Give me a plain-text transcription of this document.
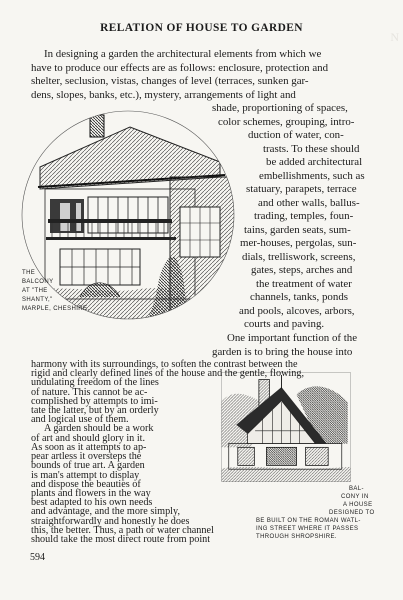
RELATION OF HOUSE TO GARDEN
N
THE
BALCONY
AT "THE
SHANTY,"
MARPLE, CHESHIRE.
BAL-
CONY IN
A HOUSE
DESIGNED TO
BE BUILT ON THE ROMAN WATL-
ING STREET WHERE IT PASSES
THROUGH SHROPSHIRE.
In designing a garden the architectural elements from which we
have to produce our effects are as follows: enclosure, protection and
shelter, seclusion, vistas, changes of level (terraces, sunken gar-
dens, slopes, banks, etc.), mystery, arrangements of light and
shade, proportioning of spaces,
color schemes, grouping, intro-
duction of water, con-
trasts. To these should
be added architectural
embellishments, such as
statuary, parapets, terrace
and other walls, ballus-
trading, temples, foun-
tains, garden seats, sum-
mer-houses, pergolas, sun-
dials, trelliswork, screens,
gates, steps, arches and
the treatment of water
channels, tanks, ponds
and pools, alcoves, arbors,
courts and paving.
One important function of the
garden is to bring the house into
harmony with its surroundings, to soften the contrast between the
rigid and clearly defined lines of the house and the gentle, flowing,
undulating freedom of the lines
of nature. This cannot be ac-
complished by attempts to imi-
tate the latter, but by an orderly
and logical use of them.
A garden should be a work
of art and should glory in it.
As soon as it attempts to ap-
pear artless it oversteps the
bounds of true art. A garden
is man's attempt to display
and dispose the beauties of
plants and flowers in the way
best adapted to his own needs
and advantage, and the more simply,
straightforwardly and honestly he does
this, the better. Thus, a path or water channel
should take the most direct route from point
594
